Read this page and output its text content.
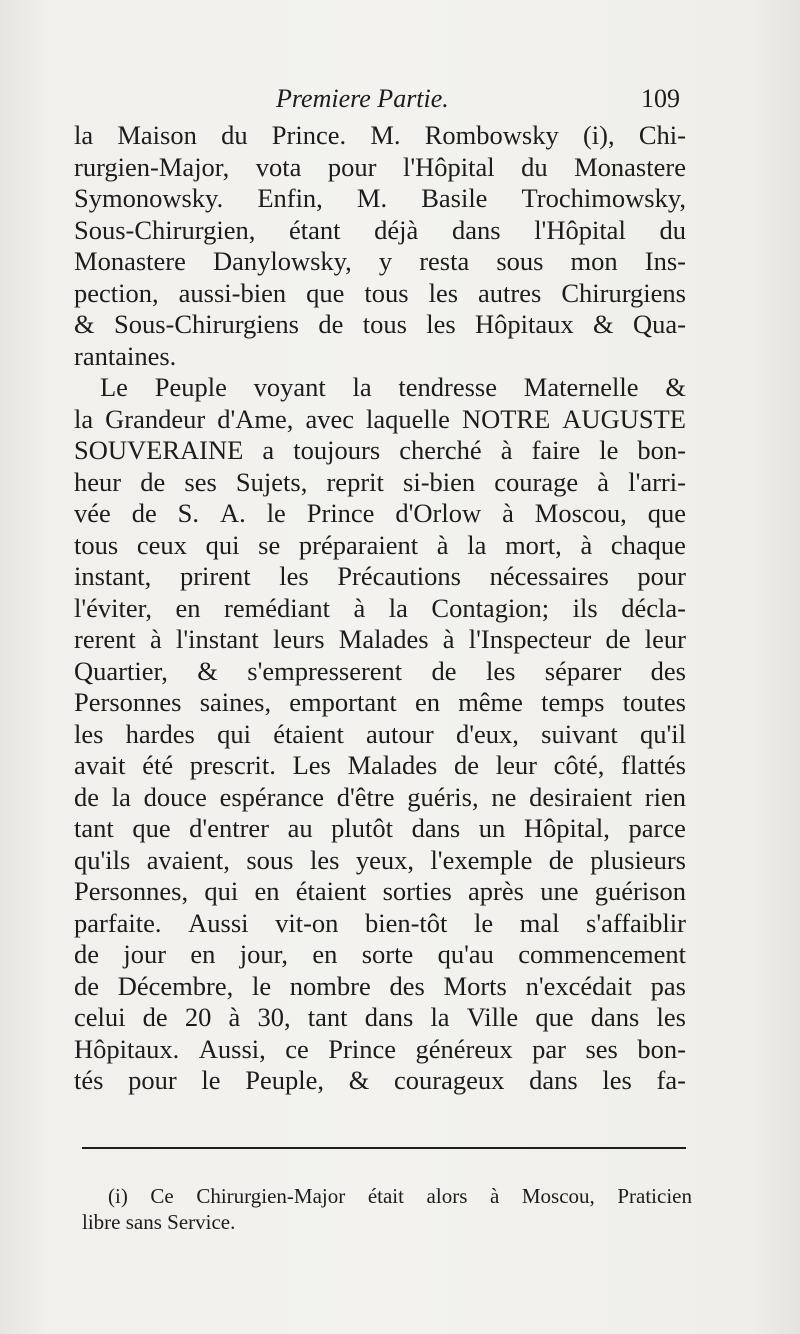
Premiere Partie.	109
la Maison du Prince. M. Rombowsky (i), Chi-
rurgien-Major, vota pour l'Hôpital du Monastere
Symonowsky. Enfin, M. Basile Trochimowsky,
Sous-Chirurgien, étant déjà dans l'Hôpital du
Monastere Danylowsky, y resta sous mon Ins-
pection, aussi-bien que tous les autres Chirurgiens
& Sous-Chirurgiens de tous les Hôpitaux & Qua-
rantaines.
Le Peuple voyant la tendresse Maternelle &
la Grandeur d'Ame, avec laquelle NOTRE AUGUSTE
SOUVERAINE a toujours cherché à faire le bon-
heur de ses Sujets, reprit si-bien courage à l'arri-
vée de S. A. le Prince d'Orlow à Moscou, que
tous ceux qui se préparaient à la mort, à chaque
instant, prirent les Précautions nécessaires pour
l'éviter, en remédiant à la Contagion; ils décla-
rerent à l'instant leurs Malades à l'Inspecteur de leur
Quartier, & s'empresserent de les séparer des
Personnes saines, emportant en même temps toutes
les hardes qui étaient autour d'eux, suivant qu'il
avait été prescrit. Les Malades de leur côté, flattés
de la douce espérance d'être guéris, ne desiraient rien
tant que d'entrer au plutôt dans un Hôpital, parce
qu'ils avaient, sous les yeux, l'exemple de plusieurs
Personnes, qui en étaient sorties après une guérison
parfaite. Aussi vit-on bien-tôt le mal s'affaiblir
de jour en jour, en sorte qu'au commencement
de Décembre, le nombre des Morts n'excédait pas
celui de 20 à 30, tant dans la Ville que dans les
Hôpitaux. Aussi, ce Prince généreux par ses bon-
tés pour le Peuple, & courageux dans les fa-
(i) Ce Chirurgien-Major était alors à Moscou, Praticien
libre sans Service.
